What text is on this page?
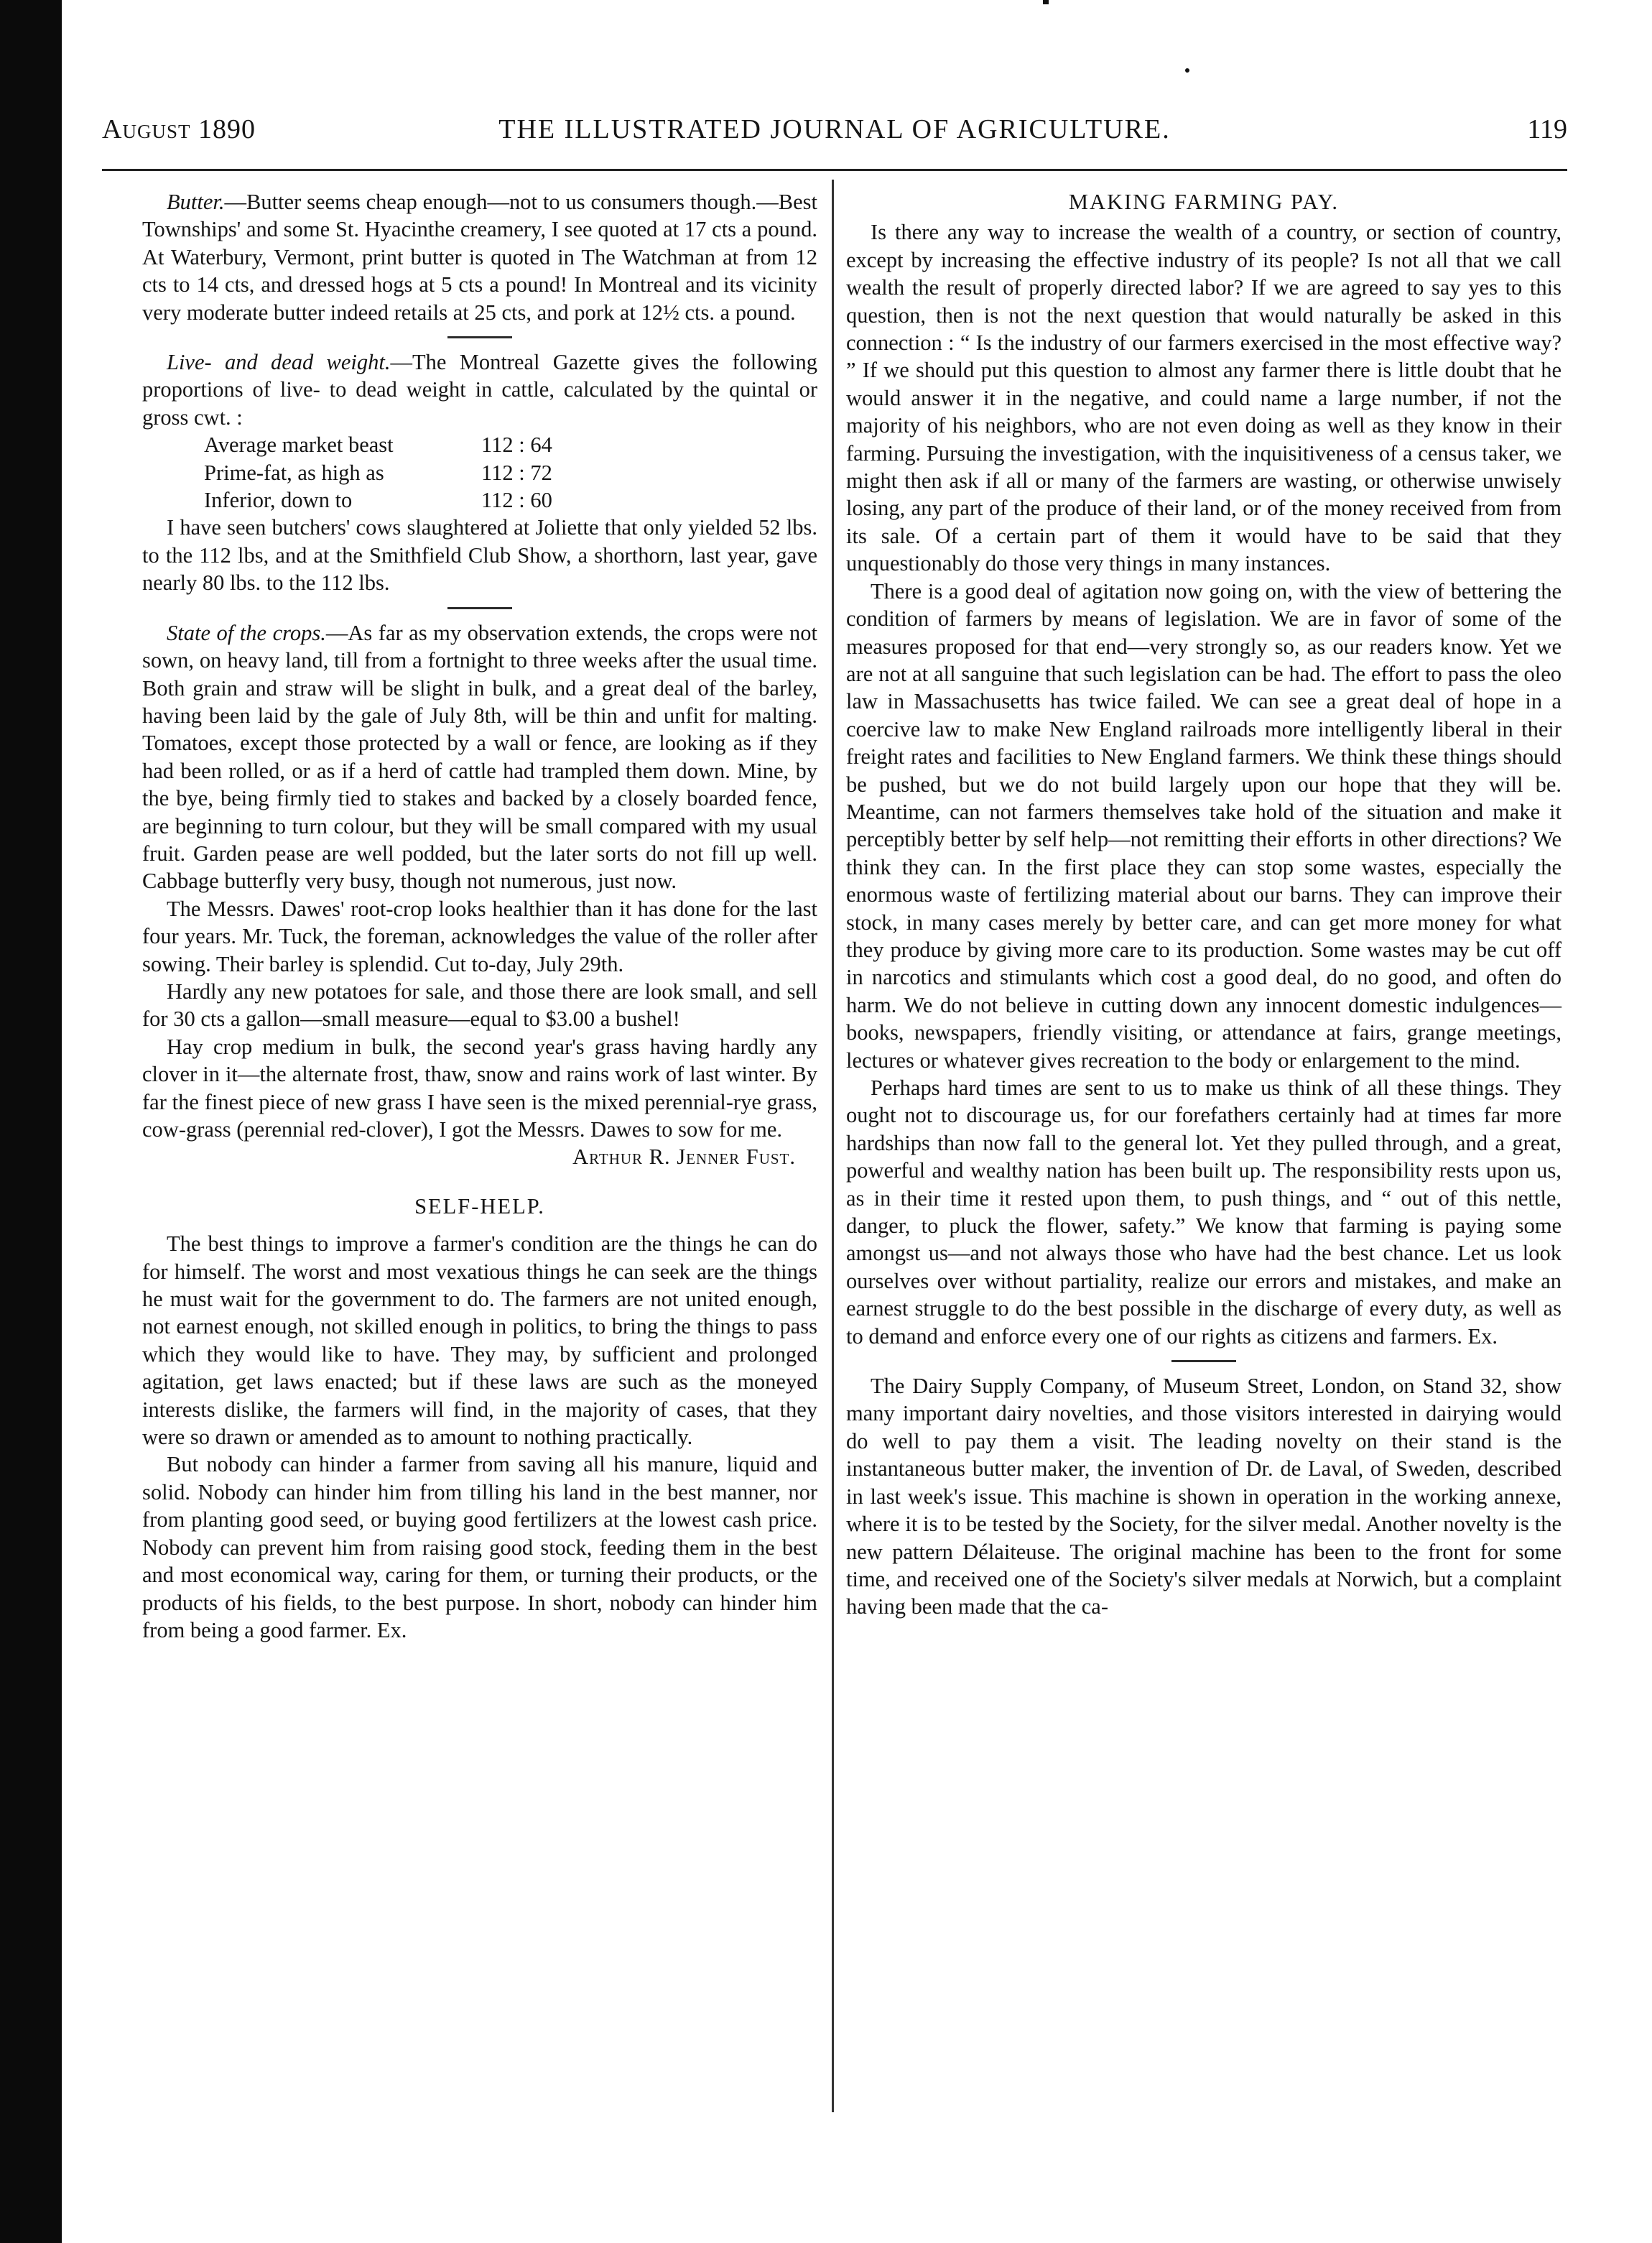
August 1890	THE ILLUSTRATED JOURNAL OF AGRICULTURE.	119

Butter.—Butter seems cheap enough—not to us consumers though.—Best Townships' and some St. Hyacinthe creamery, I see quoted at 17 cts a pound. At Waterbury, Vermont, print butter is quoted in The Watchman at from 12 cts to 14 cts, and dressed hogs at 5 cts a pound! In Montreal and its vicinity very moderate butter indeed retails at 25 cts, and pork at 12½ cts. a pound.

Live- and dead weight.—The Montreal Gazette gives the following proportions of live- to dead weight in cattle, calculated by the quintal or gross cwt. :

Average market beast	112 : 64
Prime-fat, as high as	112 : 72
Inferior, down to	112 : 60

I have seen butchers' cows slaughtered at Joliette that only yielded 52 lbs. to the 112 lbs, and at the Smithfield Club Show, a shorthorn, last year, gave nearly 80 lbs. to the 112 lbs.

State of the crops.—As far as my observation extends, the crops were not sown, on heavy land, till from a fortnight to three weeks after the usual time. Both grain and straw will be slight in bulk, and a great deal of the barley, having been laid by the gale of July 8th, will be thin and unfit for malting. Tomatoes, except those protected by a wall or fence, are looking as if they had been rolled, or as if a herd of cattle had trampled them down. Mine, by the bye, being firmly tied to stakes and backed by a closely boarded fence, are beginning to turn colour, but they will be small compared with my usual fruit. Garden pease are well podded, but the later sorts do not fill up well. Cabbage butterfly very busy, though not numerous, just now.

The Messrs. Dawes' root-crop looks healthier than it has done for the last four years. Mr. Tuck, the foreman, acknowledges the value of the roller after sowing. Their barley is splendid. Cut to-day, July 29th.

Hardly any new potatoes for sale, and those there are look small, and sell for 30 cts a gallon—small measure—equal to $3.00 a bushel!

Hay crop medium in bulk, the second year's grass having hardly any clover in it—the alternate frost, thaw, snow and rains work of last winter. By far the finest piece of new grass I have seen is the mixed perennial-rye grass, cow-grass (perennial red-clover), I got the Messrs. Dawes to sow for me.

Arthur R. Jenner Fust.
SELF-HELP.

The best things to improve a farmer's condition are the things he can do for himself. The worst and most vexatious things he can seek are the things he must wait for the government to do. The farmers are not united enough, not earnest enough, not skilled enough in politics, to bring the things to pass which they would like to have. They may, by sufficient and prolonged agitation, get laws enacted; but if these laws are such as the moneyed interests dislike, the farmers will find, in the majority of cases, that they were so drawn or amended as to amount to nothing practically.

But nobody can hinder a farmer from saving all his manure, liquid and solid. Nobody can hinder him from tilling his land in the best manner, nor from planting good seed, or buying good fertilizers at the lowest cash price. Nobody can prevent him from raising good stock, feeding them in the best and most economical way, caring for them, or turning their products, or the products of his fields, to the best purpose. In short, nobody can hinder him from being a good farmer. Ex.

MAKING FARMING PAY.

Is there any way to increase the wealth of a country, or section of country, except by increasing the effective industry of its people? Is not all that we call wealth the result of properly directed labor? If we are agreed to say yes to this question, then is not the next question that would naturally be asked in this connection : “ Is the industry of our farmers exercised in the most effective way? ” If we should put this question to almost any farmer there is little doubt that he would answer it in the negative, and could name a large number, if not the majority of his neighbors, who are not even doing as well as they know in their farming. Pursuing the investigation, with the inquisitiveness of a census taker, we might then ask if all or many of the farmers are wasting, or otherwise unwisely losing, any part of the produce of their land, or of the money received from from its sale. Of a certain part of them it would have to be said that they unquestionably do those very things in many instances.

There is a good deal of agitation now going on, with the view of bettering the condition of farmers by means of legislation. We are in favor of some of the measures proposed for that end—very strongly so, as our readers know. Yet we are not at all sanguine that such legislation can be had. The effort to pass the oleo law in Massachusetts has twice failed. We can see a great deal of hope in a coercive law to make New England railroads more intelligently liberal in their freight rates and facilities to New England farmers. We think these things should be pushed, but we do not build largely upon our hope that they will be. Meantime, can not farmers themselves take hold of the situation and make it perceptibly better by self help—not remitting their efforts in other directions? We think they can. In the first place they can stop some wastes, especially the enormous waste of fertilizing material about our barns. They can improve their stock, in many cases merely by better care, and can get more money for what they produce by giving more care to its production. Some wastes may be cut off in narcotics and stimulants which cost a good deal, do no good, and often do harm. We do not believe in cutting down any innocent domestic indulgences—books, newspapers, friendly visiting, or attendance at fairs, grange meetings, lectures or whatever gives recreation to the body or enlargement to the mind.

Perhaps hard times are sent to us to make us think of all these things. They ought not to discourage us, for our forefathers certainly had at times far more hardships than now fall to the general lot. Yet they pulled through, and a great, powerful and wealthy nation has been built up. The responsibility rests upon us, as in their time it rested upon them, to push things, and “ out of this nettle, danger, to pluck the flower, safety.” We know that farming is paying some amongst us—and not always those who have had the best chance. Let us look ourselves over without partiality, realize our errors and mistakes, and make an earnest struggle to do the best possible in the discharge of every duty, as well as to demand and enforce every one of our rights as citizens and farmers. Ex.

The Dairy Supply Company, of Museum Street, London, on Stand 32, show many important dairy novelties, and those visitors interested in dairying would do well to pay them a visit. The leading novelty on their stand is the instantaneous butter maker, the invention of Dr. de Laval, of Sweden, described in last week's issue. This machine is shown in operation in the working annexe, where it is to be tested by the Society, for the silver medal. Another novelty is the new pattern Délaiteuse. The original machine has been to the front for some time, and received one of the Society's silver medals at Norwich, but a complaint having been made that the ca-
